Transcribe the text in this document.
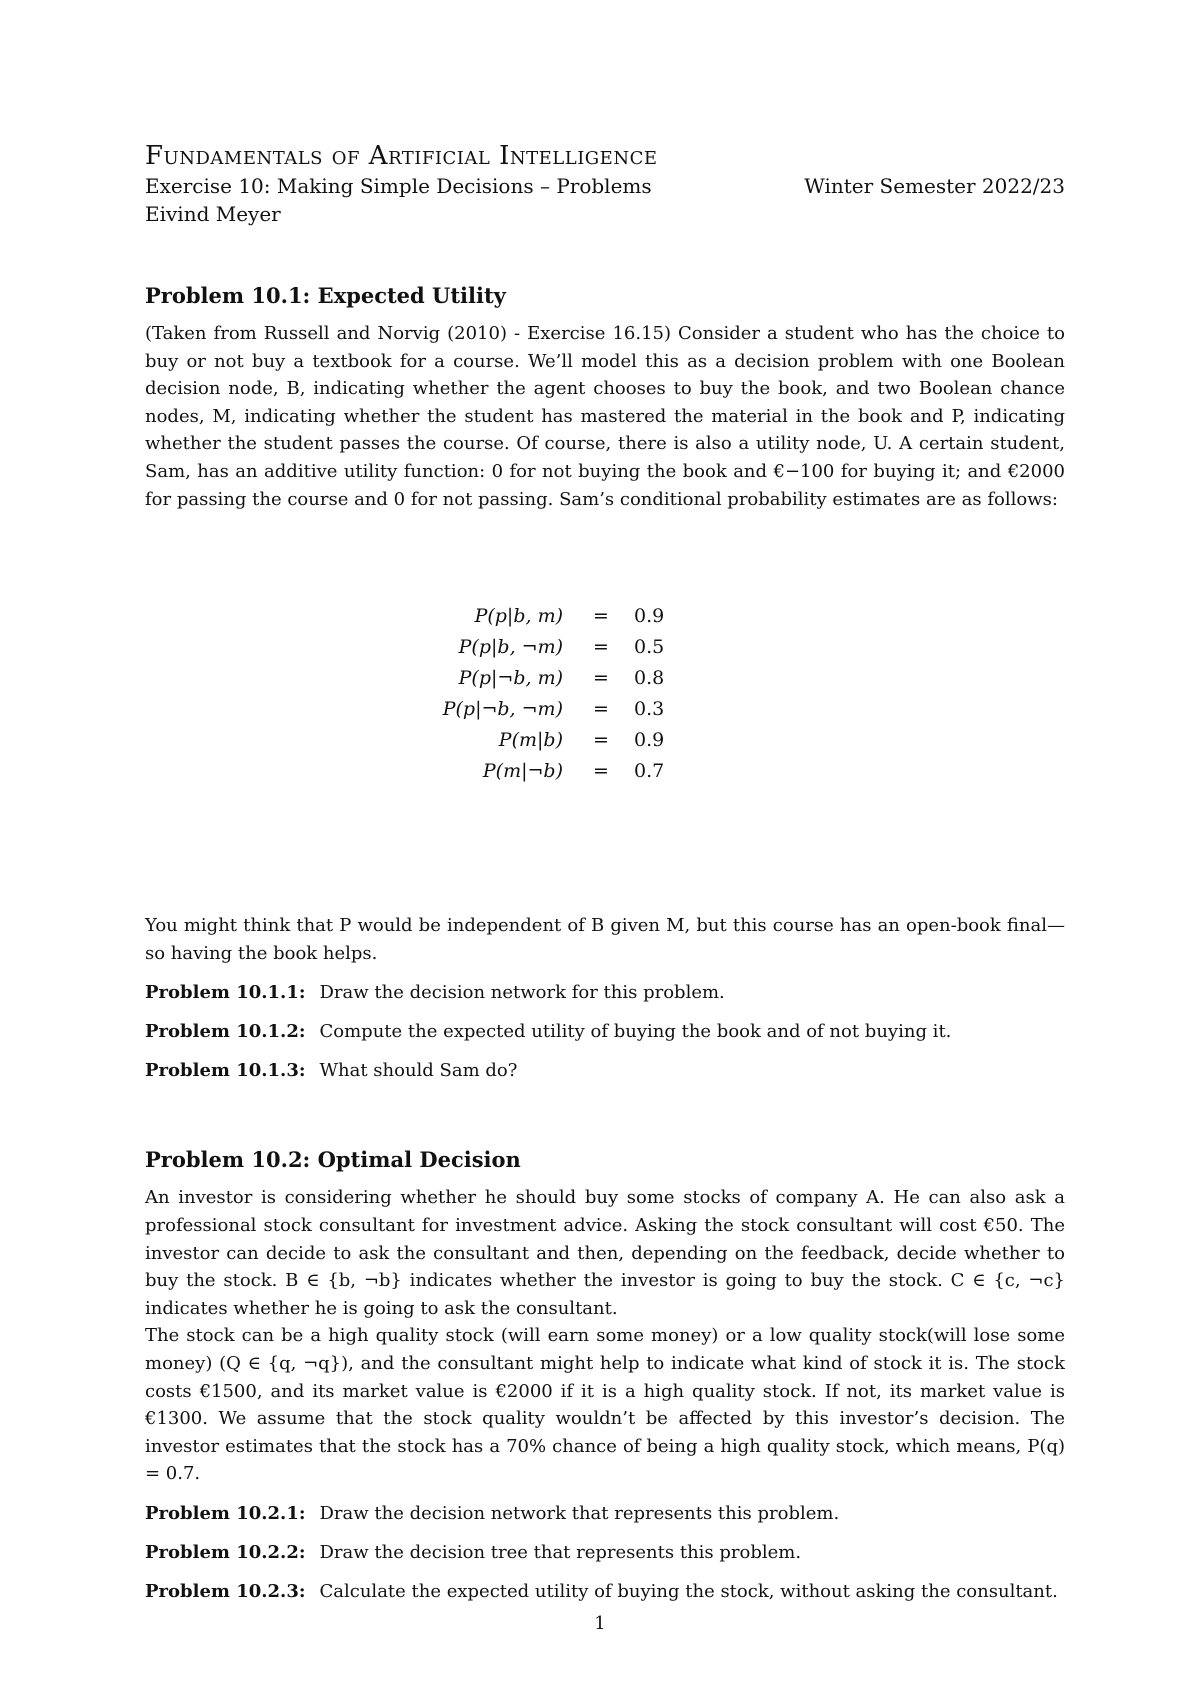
Fundamentals of Artificial Intelligence
Exercise 10: Making Simple Decisions – Problems	Winter Semester 2022/23
Eivind Meyer
Problem 10.1: Expected Utility

(Taken from Russell and Norvig (2010) - Exercise 16.15) Consider a student who has the choice to buy or not buy a textbook for a course. We’ll model this as a decision problem with one Boolean decision node, B, indicating whether the agent chooses to buy the book, and two Boolean chance nodes, M, indicating whether the student has mastered the material in the book and P, indicating whether the student passes the course. Of course, there is also a utility node, U. A certain student, Sam, has an additive utility function: 0 for not buying the book and €−100 for buying it; and €2000 for passing the course and 0 for not passing. Sam’s conditional probability estimates are as follows:

P(p|b, m) = 0.9
P(p|b, ¬m) = 0.5
P(p|¬b, m) = 0.8
P(p|¬b, ¬m) = 0.3
P(m|b) = 0.9
P(m|¬b) = 0.7

You might think that P would be independent of B given M, but this course has an open-book final—so having the book helps.

Problem 10.1.1: Draw the decision network for this problem.
Problem 10.1.2: Compute the expected utility of buying the book and of not buying it.
Problem 10.1.3: What should Sam do?
Problem 10.2: Optimal Decision

An investor is considering whether he should buy some stocks of company A. He can also ask a professional stock consultant for investment advice. Asking the stock consultant will cost €50. The investor can decide to ask the consultant and then, depending on the feedback, decide whether to buy the stock. B ∈ {b, ¬b} indicates whether the investor is going to buy the stock. C ∈ {c, ¬c} indicates whether he is going to ask the consultant.

The stock can be a high quality stock (will earn some money) or a low quality stock(will lose some money) (Q ∈ {q, ¬q}), and the consultant might help to indicate what kind of stock it is. The stock costs €1500, and its market value is €2000 if it is a high quality stock. If not, its market value is €1300. We assume that the stock quality wouldn’t be affected by this investor’s decision. The investor estimates that the stock has a 70% chance of being a high quality stock, which means, P(q) = 0.7.

Problem 10.2.1: Draw the decision network that represents this problem.
Problem 10.2.2: Draw the decision tree that represents this problem.
Problem 10.2.3: Calculate the expected utility of buying the stock, without asking the consultant.
1
